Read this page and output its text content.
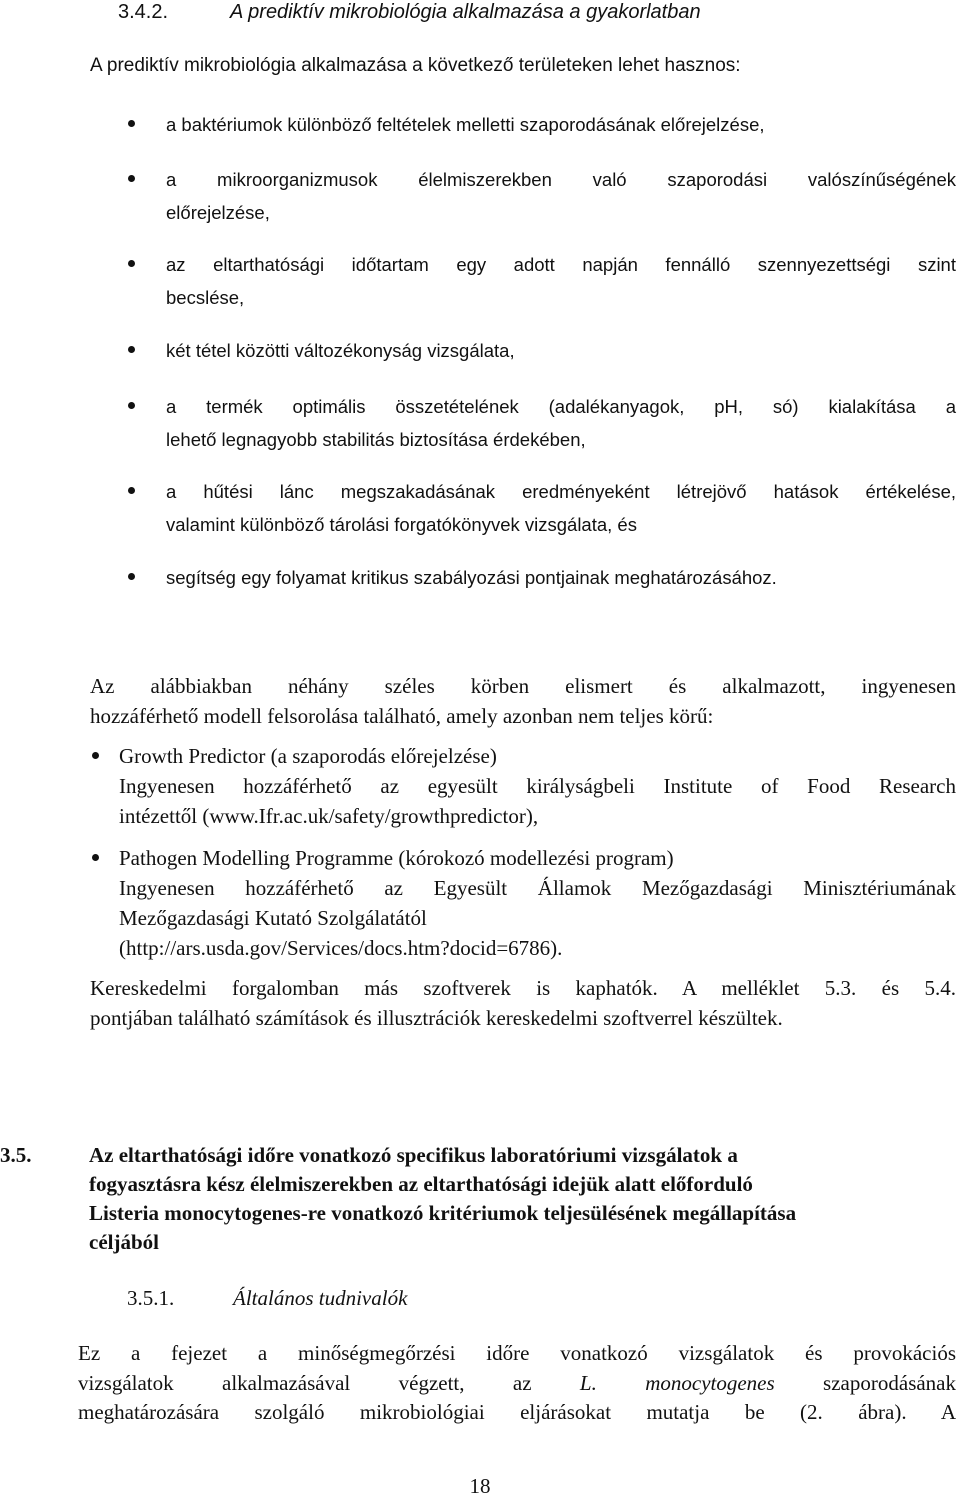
3.4.2.	A prediktív mikrobiológia alkalmazása a gyakorlatban
A prediktív mikrobiológia alkalmazása a következő területeken lehet hasznos:
a baktériumok különböző feltételek melletti szaporodásának előrejelzése,
a mikroorganizmusok élelmiszerekben való szaporodási valószínűségének
előrejelzése,
az eltarthatósági időtartam egy adott napján fennálló szennyezettségi szint
becslése,
két tétel közötti változékonyság vizsgálata,
a termék optimális összetételének (adalékanyagok, pH, só) kialakítása a
lehető legnagyobb stabilitás biztosítása érdekében,
a hűtési lánc megszakadásának eredményeként létrejövő hatások értékelése,
valamint különböző tárolási forgatókönyvek vizsgálata, és
segítség egy folyamat kritikus szabályozási pontjainak meghatározásához.
Az alábbiakban néhány széles körben elismert és alkalmazott, ingyenesen
hozzáférhető modell felsorolása található, amely azonban nem teljes körű:
Growth Predictor (a szaporodás előrejelzése)
Ingyenesen hozzáférhető az egyesült királyságbeli Institute of Food Research
intézettől (www.Ifr.ac.uk/safety/growthpredictor),
Pathogen Modelling Programme (kórokozó modellezési program)
Ingyenesen hozzáférhető az Egyesült Államok Mezőgazdasági Minisztériumának
Mezőgazdasági Kutató Szolgálatától
(http://ars.usda.gov/Services/docs.htm?docid=6786).
Kereskedelmi forgalomban más szoftverek is kaphatók. A melléklet 5.3. és 5.4.
pontjában található számítások és illusztrációk kereskedelmi szoftverrel készültek.
3.5.	Az eltarthatósági időre vonatkozó specifikus laboratóriumi vizsgálatok a
fogyasztásra kész élelmiszerekben az eltarthatósági idejük alatt előforduló
Listeria monocytogenes-re vonatkozó kritériumok teljesülésének megállapítása
céljából
3.5.1.	Általános tudnivalók
Ez a fejezet a minőségmegőrzési időre vonatkozó vizsgálatok és provokációs
vizsgálatok alkalmazásával végzett, az L. monocytogenes szaporodásának
meghatározására szolgáló mikrobiológiai eljárásokat mutatja be (2. ábra). A
18
